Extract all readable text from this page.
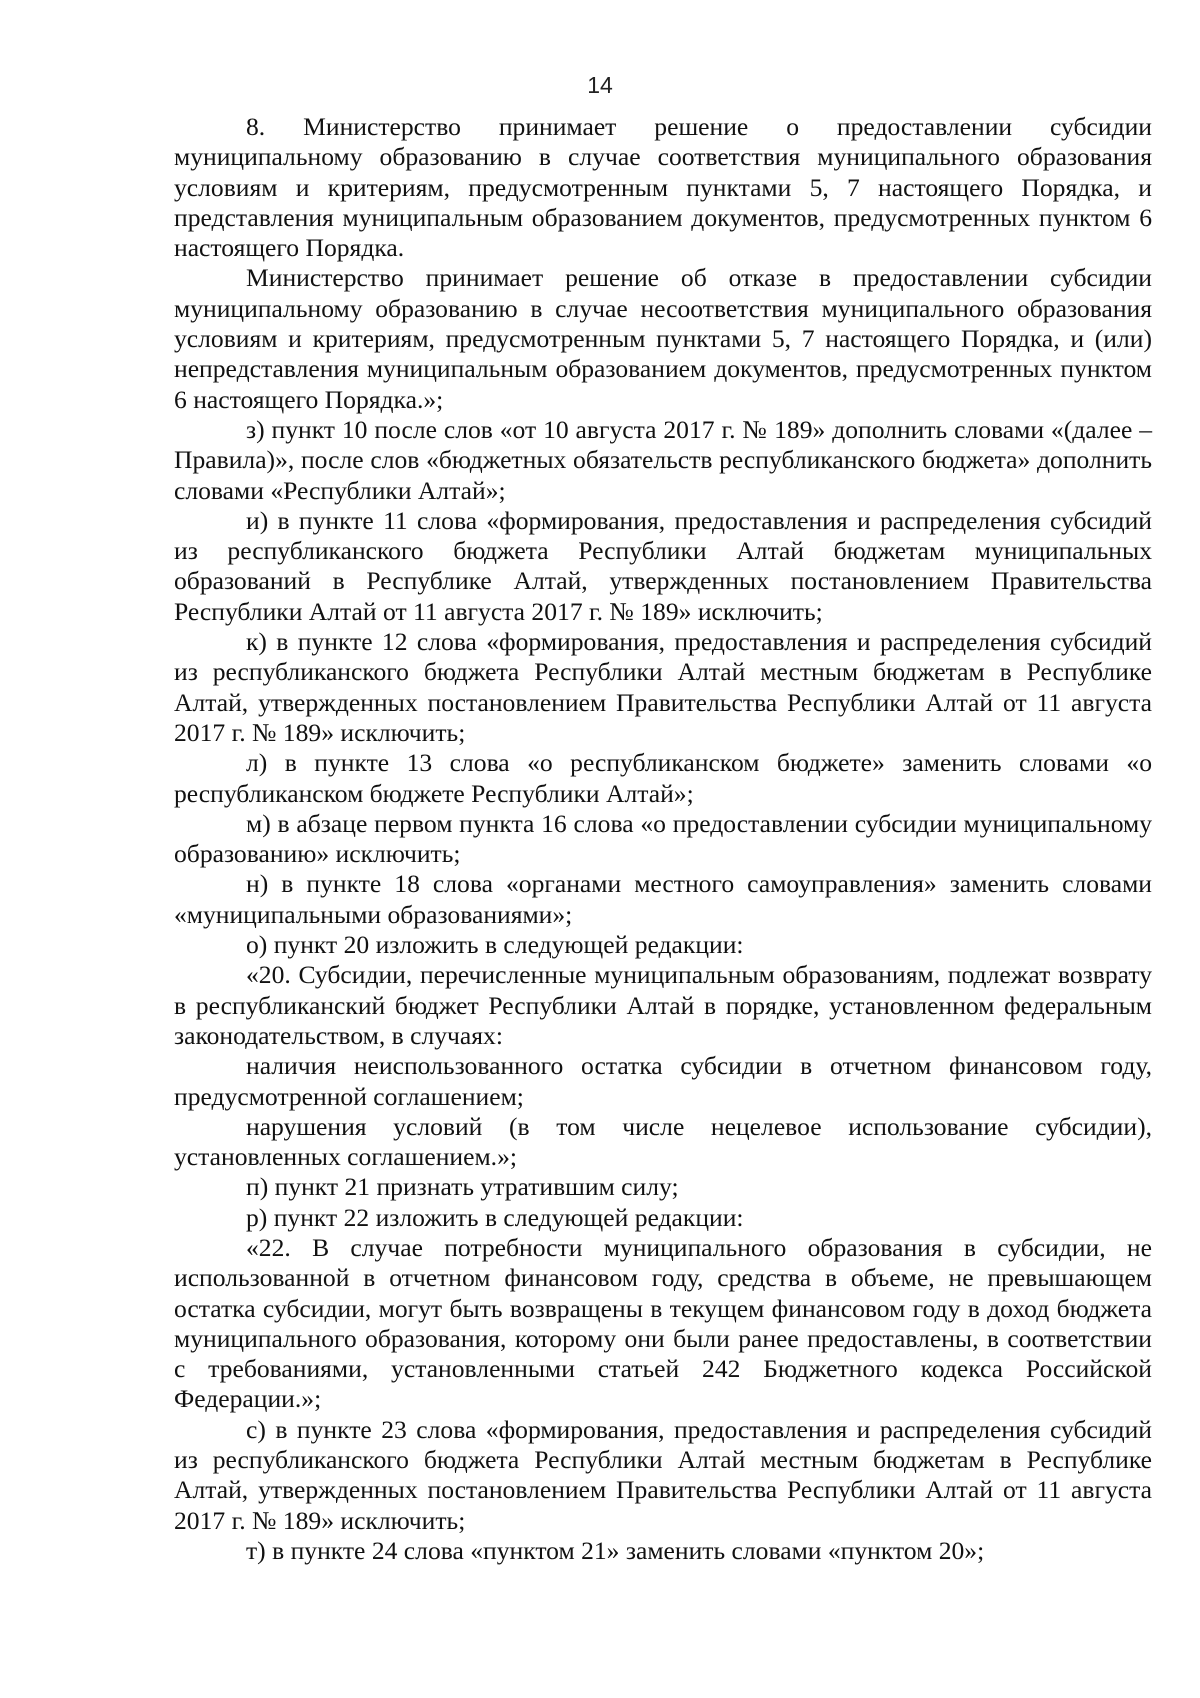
14

8. Министерство принимает решение о предоставлении субсидии муниципальному образованию в случае соответствия муниципального образования условиям и критериям, предусмотренным пунктами 5, 7 настоящего Порядка, и представления муниципальным образованием документов, предусмотренных пунктом 6 настоящего Порядка.

Министерство принимает решение об отказе в предоставлении субсидии муниципальному образованию в случае несоответствия муниципального образования условиям и критериям, предусмотренным пунктами 5, 7 настоящего Порядка, и (или) непредставления муниципальным образованием документов, предусмотренных пунктом 6 настоящего Порядка.»;

з) пункт 10 после слов «от 10 августа 2017 г. № 189» дополнить словами «(далее –Правила)», после слов «бюджетных обязательств республиканского бюджета» дополнить словами «Республики Алтай»;

и) в пункте 11 слова «формирования, предоставления и распределения субсидий из республиканского бюджета Республики Алтай бюджетам муниципальных образований в Республике Алтай, утвержденных постановлением Правительства Республики Алтай от 11 августа 2017 г. № 189» исключить;

к) в пункте 12 слова «формирования, предоставления и распределения субсидий из республиканского бюджета Республики Алтай местным бюджетам в Республике Алтай, утвержденных постановлением Правительства Республики Алтай от 11 августа 2017 г. № 189» исключить;

л) в пункте 13 слова «о республиканском бюджете» заменить словами «о республиканском бюджете Республики Алтай»;

м) в абзаце первом пункта 16 слова «о предоставлении субсидии муниципальному образованию» исключить;

н) в пункте 18 слова «органами местного самоуправления» заменить словами «муниципальными образованиями»;

о) пункт 20 изложить в следующей редакции:

«20. Субсидии, перечисленные муниципальным образованиям, подлежат возврату в республиканский бюджет Республики Алтай в порядке, установленном федеральным законодательством, в случаях:

наличия неиспользованного остатка субсидии в отчетном финансовом году, предусмотренной соглашением;

нарушения условий (в том числе нецелевое использование субсидии), установленных соглашением.»;

п) пункт 21 признать утратившим силу;

р) пункт 22 изложить в следующей редакции:

«22. В случае потребности муниципального образования в субсидии, не использованной в отчетном финансовом году, средства в объеме, не превышающем остатка субсидии, могут быть возвращены в текущем финансовом году в доход бюджета муниципального образования, которому они были ранее предоставлены, в соответствии с требованиями, установленными статьей 242 Бюджетного кодекса Российской Федерации.»;

с) в пункте 23 слова «формирования, предоставления и распределения субсидий из республиканского бюджета Республики Алтай местным бюджетам в Республике Алтай, утвержденных постановлением Правительства Республики Алтай от 11 августа 2017 г. № 189» исключить;

т) в пункте 24 слова «пунктом 21» заменить словами «пунктом 20»;
